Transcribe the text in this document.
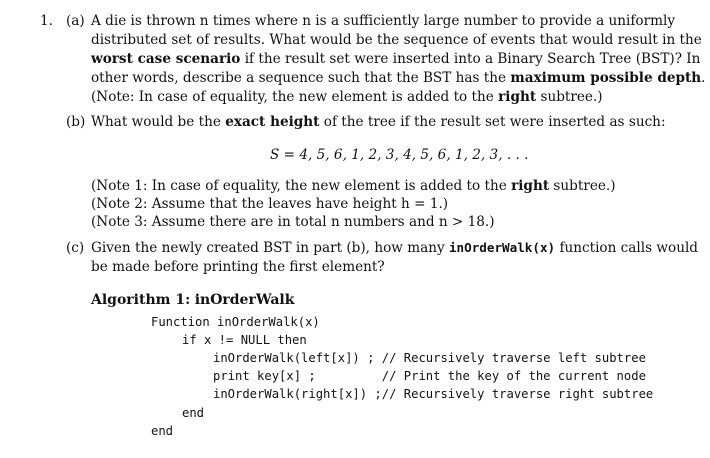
1. (a) A die is thrown n times where n is a sufficiently large number to provide a uniformly
distributed set of results. What would be the sequence of events that would result in the
worst case scenario if the result set were inserted into a Binary Search Tree (BST)? In
other words, describe a sequence such that the BST has the maximum possible depth.
(Note: In case of equality, the new element is added to the right subtree.)
(b) What would be the exact height of the tree if the result set were inserted as such:
S = 4, 5, 6, 1, 2, 3, 4, 5, 6, 1, 2, 3, . . .
(Note 1: In case of equality, the new element is added to the right subtree.)
(Note 2: Assume that the leaves have height h = 1.)
(Note 3: Assume there are in total n numbers and n > 18.)
(c) Given the newly created BST in part (b), how many inOrderWalk(x) function calls would
be made before printing the first element?
Algorithm 1: inOrderWalk
Function inOrderWalk(x)
if x != NULL then
inOrderWalk(left[x]) ; // Recursively traverse left subtree
print key[x] ;         // Print the key of the current node
inOrderWalk(right[x]) ;// Recursively traverse right subtree
end
end
